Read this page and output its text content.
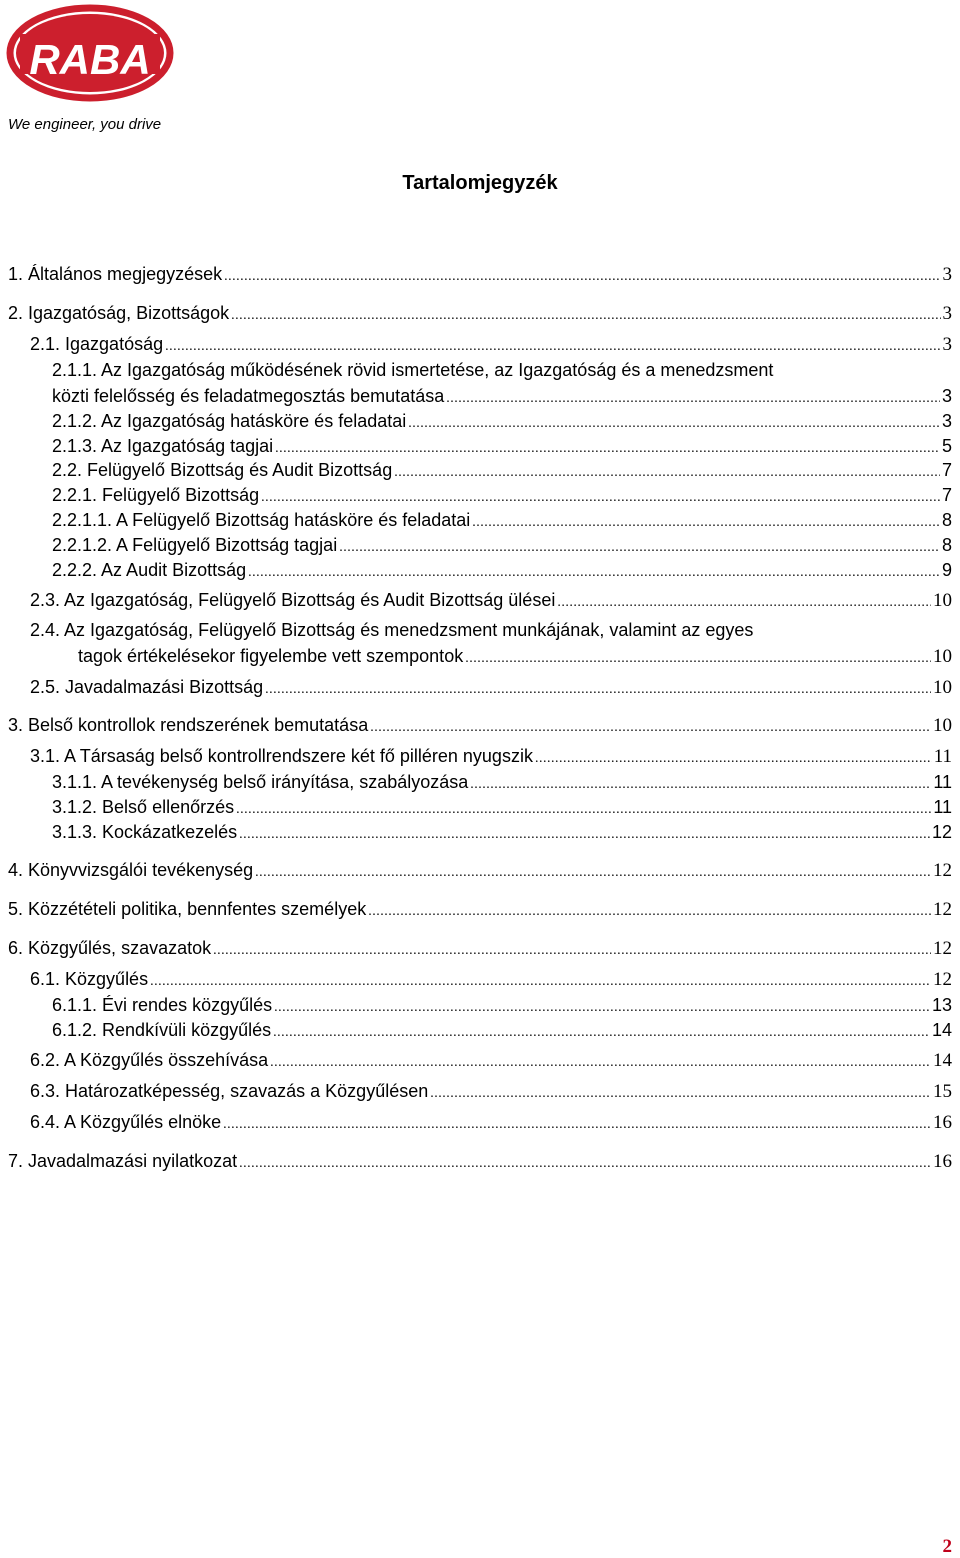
RABA
We engineer, you drive
Tartalomjegyzék
1. Általános megjegyzések .....	3
2. Igazgatóság, Bizottságok .....	3
2.1. Igazgatóság .....	3
2.1.1. Az Igazgatóság működésének rövid ismertetése, az Igazgatóság és a menedzsment
közti felelősség és feladatmegosztás bemutatása .....	3
2.1.2. Az Igazgatóság hatásköre és feladatai .....	3
2.1.3. Az Igazgatóság tagjai .....	5
2.2. Felügyelő Bizottság és Audit Bizottság .....	7
2.2.1. Felügyelő Bizottság .....	7
2.2.1.1. A Felügyelő Bizottság hatásköre és feladatai .....	8
2.2.1.2. A Felügyelő Bizottság tagjai .....	8
2.2.2. Az Audit Bizottság .....	9
2.3. Az Igazgatóság, Felügyelő Bizottság és Audit Bizottság ülései .....	10
2.4. Az Igazgatóság, Felügyelő Bizottság és menedzsment munkájának, valamint az egyes
tagok értékelésekor figyelembe vett szempontok .....	10
2.5. Javadalmazási Bizottság .....	10
3. Belső kontrollok rendszerének bemutatása .....	10
3.1. A Társaság belső kontrollrendszere két fő pilléren nyugszik .....	11
3.1.1. A tevékenység belső irányítása, szabályozása .....	11
3.1.2. Belső ellenőrzés .....	11
3.1.3. Kockázatkezelés .....	12
4. Könyvvizsgálói tevékenység .....	12
5. Közzétételi politika, bennfentes személyek .....	12
6. Közgyűlés, szavazatok .....	12
6.1. Közgyűlés .....	12
6.1.1. Évi rendes közgyűlés .....	13
6.1.2. Rendkívüli közgyűlés .....	14
6.2. A Közgyűlés összehívása .....	14
6.3. Határozatképesség, szavazás a Közgyűlésen .....	15
6.4. A Közgyűlés elnöke .....	16
7. Javadalmazási nyilatkozat .....	16
2
